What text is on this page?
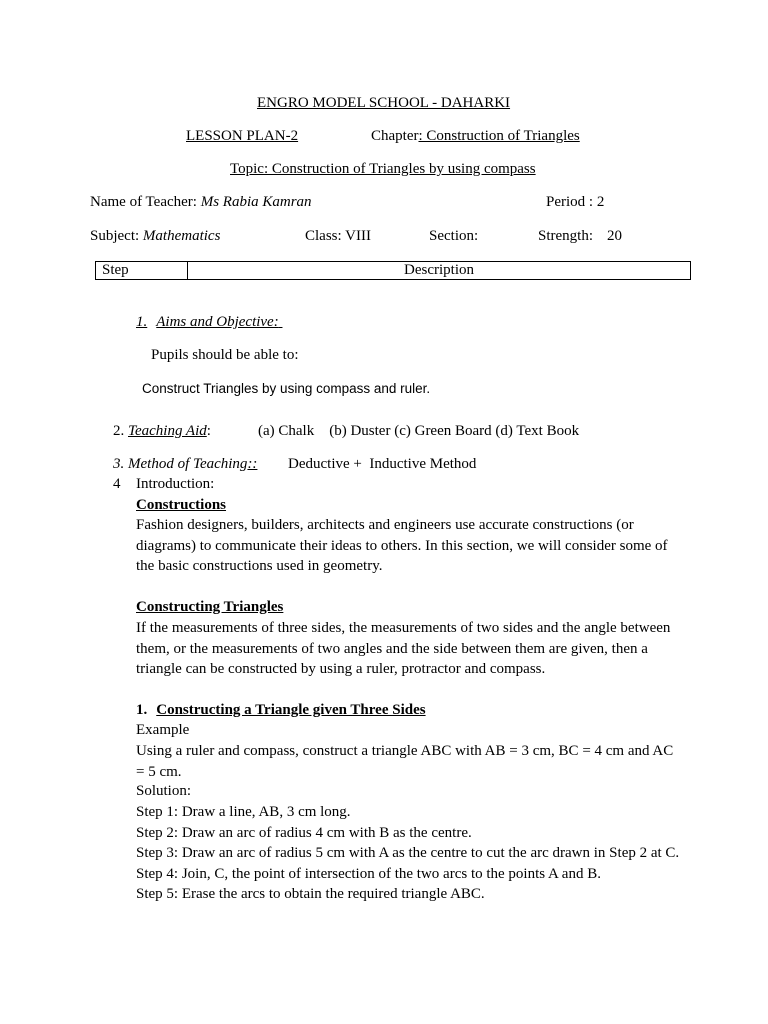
ENGRO MODEL SCHOOL - DAHARKI
LESSON PLAN-2	Chapter: Construction of Triangles
Topic: Construction of Triangles by using compass
Name of Teacher: Ms Rabia Kamran	Period : 2
Subject: Mathematics	Class: VIII	Section:	Strength: 20
Step	Description
1. Aims and Objective:
Pupils should be able to:
Construct Triangles by using compass and ruler.
2. Teaching Aid:	(a) Chalk    (b) Duster (c) Green Board (d) Text Book
3. Method of Teaching:: Deductive +  Inductive Method
4 Introduction:
Constructions
Fashion designers, builders, architects and engineers use accurate constructions (or diagrams) to communicate their ideas to others. In this section, we will consider some of the basic constructions used in geometry.
Constructing Triangles
If the measurements of three sides, the measurements of two sides and the angle between them, or the measurements of two angles and the side between them are given, then a triangle can be constructed by using a ruler, protractor and compass.
1. Constructing a Triangle given Three Sides
Example
Using a ruler and compass, construct a triangle ABC with AB = 3 cm, BC = 4 cm and AC = 5 cm.
Solution:
Step 1: Draw a line, AB, 3 cm long.
Step 2: Draw an arc of radius 4 cm with B as the centre.
Step 3: Draw an arc of radius 5 cm with A as the centre to cut the arc drawn in Step 2 at C.
Step 4: Join, C, the point of intersection of the two arcs to the points A and B.
Step 5: Erase the arcs to obtain the required triangle ABC.
